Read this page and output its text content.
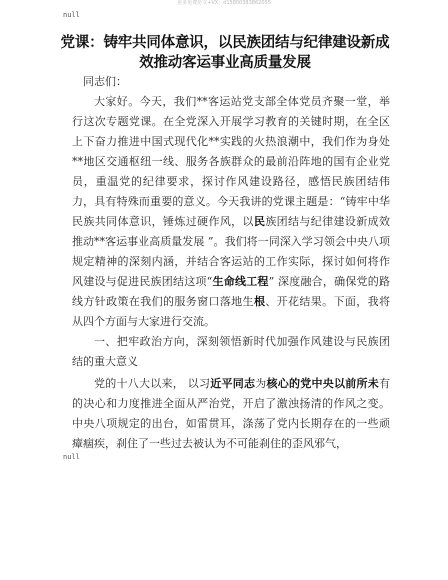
更多免费范文+VX：d15800383862055
null
党课：铸牢共同体意识，以民族团结与纪律建设新成效推动客运事业高质量发展

同志们：

大家好。今天，我们**客运站党支部全体党员齐聚一堂，举行这次专题党课。在全党深入开展学习教育的关键时期，在全区上下奋力推进中国式现代化**实践的火热浪潮中，我们作为身处**地区交通枢纽一线、服务各族群众的最前沿阵地的国有企业党员，重温党的纪律要求，探讨作风建设路径，感悟民族团结伟力，具有特殊而重要的意义。今天我讲的党课主题是：“铸牢中华民族共同体意识，锤炼过硬作风，以民族团结与纪律建设新成效推动**客运事业高质量发展 ”。我们将一同深入学习领会中央八项规定精神的深刻内涵，并结合客运站的工作实际，探讨如何将作风建设与促进民族团结这项“生命线工程” 深度融合，确保党的路线方针政策在我们的服务窗口落地生根、开花结果。下面，我将从四个方面与大家进行交流。

一、把牢政治方向，深刻领悟新时代加强作风建设与民族团结的重大意义

党的十八大以来， 以习近平同志为核心的党中央以前所未有的决心和力度推进全面从严治党，开启了激浊扬清的作风之变。中央八项规定的出台，如雷贯耳，涤荡了党内长期存在的一些顽瘴痼疾，刹住了一些过去被认为不可能刹住的歪风邪气，

null
